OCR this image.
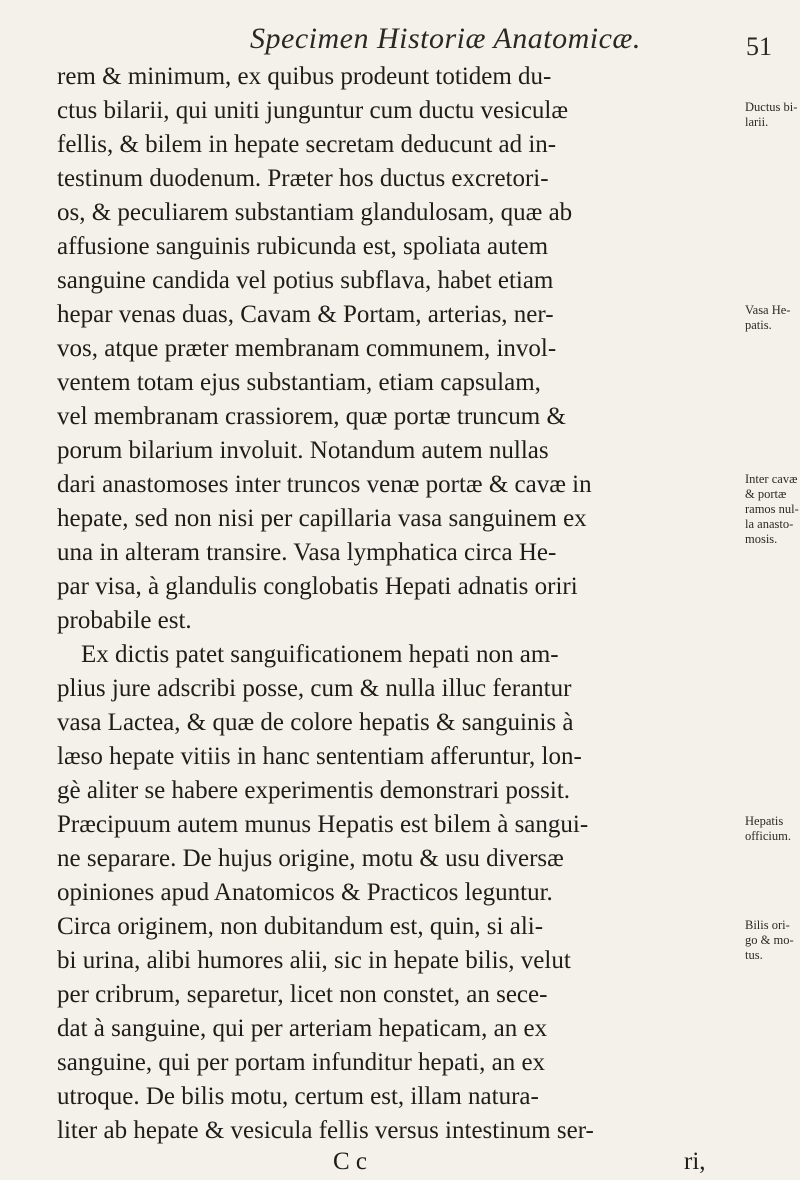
Specimen Historiæ Anatomicæ.	51
rem & minimum, ex quibus prodeunt totidem du-
ctus bilarii, qui uniti junguntur cum ductu vesiculæ
fellis, & bilem in hepate secretam deducunt ad in-
testinum duodenum. Præter hos ductus excretori-
os, & peculiarem substantiam glandulosam, quæ ab
affusione sanguinis rubicunda est, spoliata autem
sanguine candida vel potius subflava, habet etiam
hepar venas duas, Cavam & Portam, arterias, ner-
vos, atque præter membranam communem, invol-
ventem totam ejus substantiam, etiam capsulam,
vel membranam crassiorem, quæ portæ truncum &
porum bilarium involuit. Notandum autem nullas
dari anastomoses inter truncos venæ portæ & cavæ in
hepate, sed non nisi per capillaria vasa sanguinem ex
una in alteram transire. Vasa lymphatica circa He-
par visa, à glandulis conglobatis Hepati adnatis oriri
probabile est.
Ex dictis patet sanguificationem hepati non am-
plius jure adscribi posse, cum & nulla illuc ferantur
vasa Lactea, & quæ de colore hepatis & sanguinis à
læso hepate vitiis in hanc sententiam afferuntur, lon-
gè aliter se habere experimentis demonstrari possit.
Præcipuum autem munus Hepatis est bilem à sangui-
ne separare. De hujus origine, motu & usu diversæ
opiniones apud Anatomicos & Practicos leguntur.
Circa originem, non dubitandum est, quin, si ali-
bi urina, alibi humores alii, sic in hepate bilis, velut
per cribrum, separetur, licet non constet, an sece-
dat à sanguine, qui per arteriam hepaticam, an ex
sanguine, qui per portam infunditur hepati, an ex
utroque. De bilis motu, certum est, illam natura-
liter ab hepate & vesicula fellis versus intestinum ser-
Ductus bi-
larii.
Vasa He-
patis.
Inter cavæ
& portæ
ramos nul-
la anasto-
mosis.
Hepatis
officium.
Bilis ori-
go & mo-
tus.
C c	ri,
